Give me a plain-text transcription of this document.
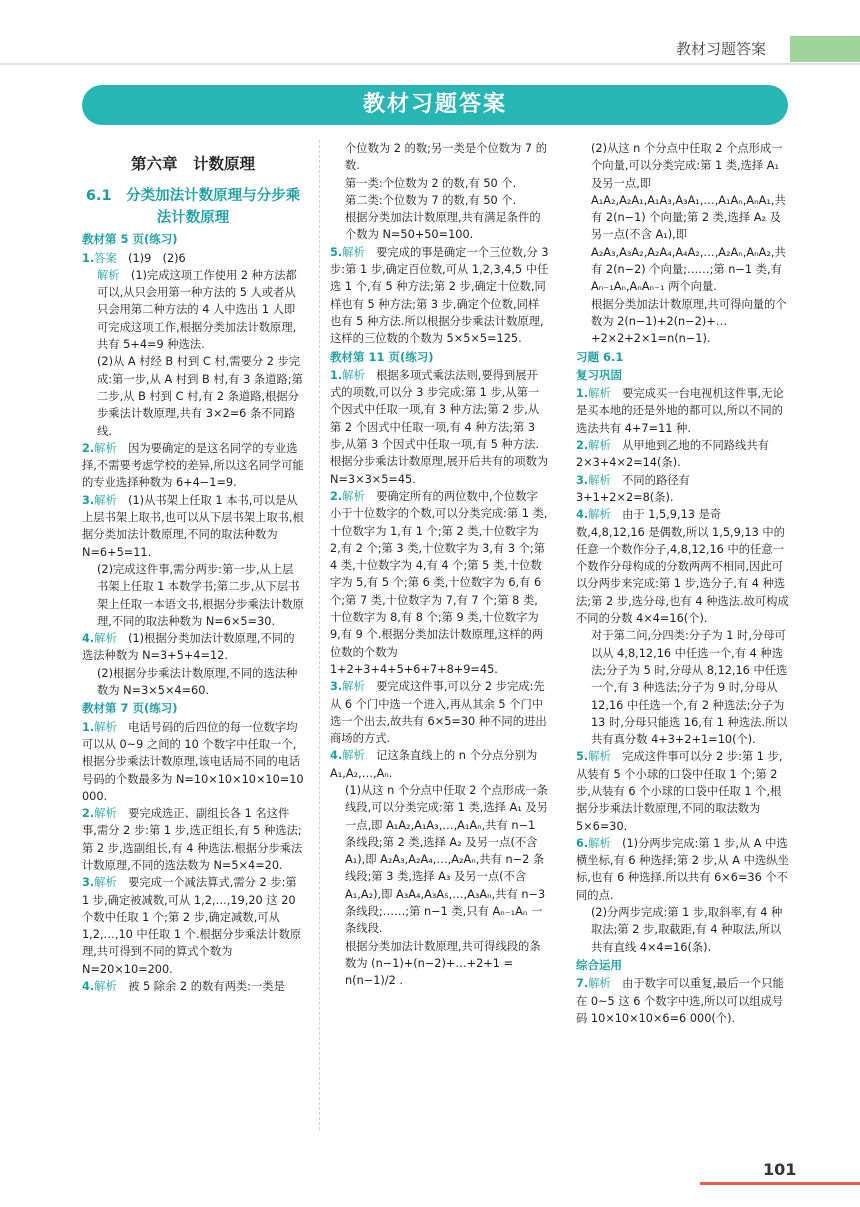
教材习题答案
教材习题答案
第六章　计数原理
6.1　分类加法计数原理与分步乘法计数原理
教材第 5 页(练习)
1.答案　(1)9　(2)6
解析　(1)完成这项工作使用 2 种方法都可以,从只会用第一种方法的 5 人或者从只会用第二种方法的 4 人中选出 1 人即可完成这项工作,根据分类加法计数原理,共有 5+4=9 种选法.
(2)从 A 村经 B 村到 C 村,需要分 2 步完成:第一步,从 A 村到 B 村,有 3 条道路;第二步,从 B 村到 C 村,有 2 条道路,根据分步乘法计数原理,共有 3×2=6 条不同路线.
2.解析　因为要确定的是这名同学的专业选择,不需要考虑学校的差异,所以这名同学可能的专业选择种数为 6+4−1=9.
3.解析　(1)从书架上任取 1 本书,可以是从上层书架上取书,也可以从下层书架上取书,根据分类加法计数原理,不同的取法种数为 N=6+5=11.
(2)完成这件事,需分两步:第一步,从上层书架上任取 1 本数学书;第二步,从下层书架上任取一本语文书,根据分步乘法计数原理,不同的取法种数为 N=6×5=30.
4.解析　(1)根据分类加法计数原理,不同的选法种数为 N=3+5+4=12.
(2)根据分步乘法计数原理,不同的选法种数为 N=3×5×4=60.
教材第 7 页(练习)
1.解析　电话号码的后四位的每一位数字均可以从 0~9 之间的 10 个数字中任取一个,根据分步乘法计数原理,该电话局不同的电话号码的个数最多为 N=10×10×10×10=10 000.
2.解析　要完成选正、副组长各 1 名这件事,需分 2 步:第 1 步,选正组长,有 5 种选法;第 2 步,选副组长,有 4 种选法.根据分步乘法计数原理,不同的选法数为 N=5×4=20.
3.解析　要完成一个减法算式,需分 2 步:第 1 步,确定被减数,可从 1,2,…,19,20 这 20 个数中任取 1 个;第 2 步,确定减数,可从 1,2,…,10 中任取 1 个.根据分步乘法计数原理,共可得到不同的算式个数为 N=20×10=200.
4.解析　被 5 除余 2 的数有两类:一类是
个位数为 2 的数;另一类是个位数为 7 的数.
第一类:个位数为 2 的数,有 50 个.
第二类:个位数为 7 的数,有 50 个.
根据分类加法计数原理,共有满足条件的个数为 N=50+50=100.
5.解析　要完成的事是确定一个三位数,分 3 步:第 1 步,确定百位数,可从 1,2,3,4,5 中任选 1 个,有 5 种方法;第 2 步,确定十位数,同样也有 5 种方法;第 3 步,确定个位数,同样也有 5 种方法.所以根据分步乘法计数原理,这样的三位数的个数为 5×5×5=125.
教材第 11 页(练习)
1.解析　根据多项式乘法法则,要得到展开式的项数,可以分 3 步完成:第 1 步,从第一个因式中任取一项,有 3 种方法;第 2 步,从第 2 个因式中任取一项,有 4 种方法;第 3 步,从第 3 个因式中任取一项,有 5 种方法.根据分步乘法计数原理,展开后共有的项数为 N=3×3×5=45.
2.解析　要确定所有的两位数中,个位数字小于十位数字的个数,可以分类完成:第 1 类,十位数字为 1,有 1 个;第 2 类,十位数字为 2,有 2 个;第 3 类,十位数字为 3,有 3 个;第 4 类,十位数字为 4,有 4 个;第 5 类,十位数字为 5,有 5 个;第 6 类,十位数字为 6,有 6 个;第 7 类,十位数字为 7,有 7 个;第 8 类,十位数字为 8,有 8 个;第 9 类,十位数字为 9,有 9 个.根据分类加法计数原理,这样的两位数的个数为 1+2+3+4+5+6+7+8+9=45.
3.解析　要完成这件事,可以分 2 步完成:先从 6 个门中选一个进入,再从其余 5 个门中选一个出去,故共有 6×5=30 种不同的进出商场的方式.
4.解析　记这条直线上的 n 个分点分别为 A₁,A₂,…,Aₙ.
(1)从这 n 个分点中任取 2 个点形成一条线段,可以分类完成:第 1 类,选择 A₁ 及另一点,即 A₁A₂,A₁A₃,…,A₁Aₙ,共有 n−1 条线段;第 2 类,选择 A₂ 及另一点(不含 A₁),即 A₂A₃,A₂A₄,…,A₂Aₙ,共有 n−2 条线段;第 3 类,选择 A₃ 及另一点(不含 A₁,A₂),即 A₃A₄,A₃A₅,…,A₃Aₙ,共有 n−3 条线段;……;第 n−1 类,只有 Aₙ₋₁Aₙ 一条线段.
根据分类加法计数原理,共可得线段的条数为 (n−1)+(n−2)+…+2+1 = n(n−1)/2 .
(2)从这 n 个分点中任取 2 个点形成一个向量,可以分类完成:第 1 类,选择 A₁ 及另一点,即 A₁A₂,A₂A₁,A₁A₃,A₃A₁,…,A₁Aₙ,AₙA₁,共有 2(n−1) 个向量;第 2 类,选择 A₂ 及另一点(不含 A₁),即 A₂A₃,A₃A₂,A₂A₄,A₄A₂,…,A₂Aₙ,AₙA₂,共有 2(n−2) 个向量;……;第 n−1 类,有 Aₙ₋₁Aₙ,AₙAₙ₋₁ 两个向量.
根据分类加法计数原理,共可得向量的个数为 2(n−1)+2(n−2)+…+2×2+2×1=n(n−1).
习题 6.1
复习巩固
1.解析　要完成买一台电视机这件事,无论是买本地的还是外地的都可以,所以不同的选法共有 4+7=11 种.
2.解析　从甲地到乙地的不同路线共有 2×3+4×2=14(条).
3.解析　不同的路径有 3+1+2×2=8(条).
4.解析　由于 1,5,9,13 是奇数,4,8,12,16 是偶数,所以 1,5,9,13 中的任意一个数作分子,4,8,12,16 中的任意一个数作分母构成的分数两两不相同,因此可以分两步来完成:第 1 步,选分子,有 4 种选法;第 2 步,选分母,也有 4 种选法.故可构成不同的分数 4×4=16(个).
对于第二问,分四类:分子为 1 时,分母可以从 4,8,12,16 中任选一个,有 4 种选法;分子为 5 时,分母从 8,12,16 中任选一个,有 3 种选法;分子为 9 时,分母从 12,16 中任选一个,有 2 种选法;分子为 13 时,分母只能选 16,有 1 种选法.所以共有真分数 4+3+2+1=10(个).
5.解析　完成这件事可以分 2 步:第 1 步,从装有 5 个小球的口袋中任取 1 个;第 2 步,从装有 6 个小球的口袋中任取 1 个,根据分步乘法计数原理,不同的取法数为 5×6=30.
6.解析　(1)分两步完成:第 1 步,从 A 中选横坐标,有 6 种选择;第 2 步,从 A 中选纵坐标,也有 6 种选择.所以共有 6×6=36 个不同的点.
(2)分两步完成:第 1 步,取斜率,有 4 种取法;第 2 步,取截距,有 4 种取法,所以共有直线 4×4=16(条).
综合运用
7.解析　由于数字可以重复,最后一个只能在 0~5 这 6 个数字中选,所以可以组成号码 10×10×10×6=6 000(个).
101
